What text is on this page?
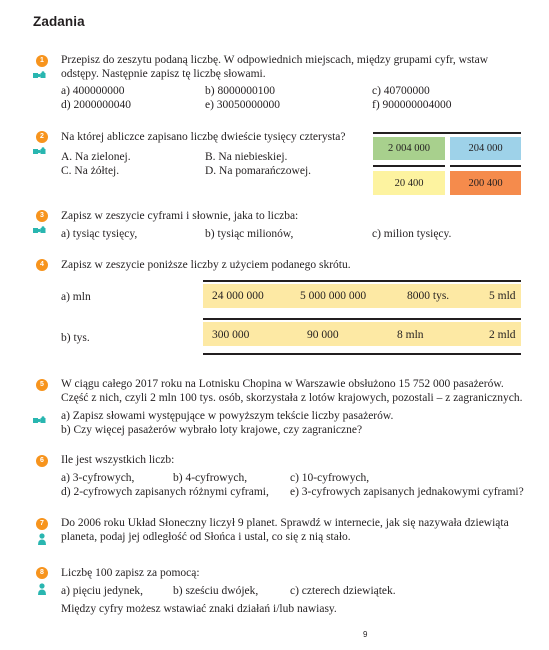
Zadania
1	Przepisz do zeszytu podaną liczbę. W odpowiednich miejscach, między grupami cyfr, wstaw
odstępy. Następnie zapisz tę liczbę słowami.
a) 400000000	b) 8000000100	c) 40700000
d) 2000000040	e) 30050000000	f) 900000004000
2	Na której abliczce zapisano liczbę dwieście tysięcy czterysta?
A. Na zielonej.	B. Na niebieskiej.
C. Na żółtej.	D. Na pomarańczowej.
2 004 000	204 000
20 400	200 400
3	Zapisz w zeszycie cyframi i słownie, jaka to liczba:
a) tysiąc tysięcy,	b) tysiąc milionów,	c) milion tysięcy.
4	Zapisz w zeszycie poniższe liczby z użyciem podanego skrótu.
a) mln	24 000 000	5 000 000 000	8000 tys.	5 mld
b) tys.	300 000	90 000	8 mln	2 mld
5	W ciągu całego 2017 roku na Lotnisku Chopina w Warszawie obsłużono 15 752 000 pasażerów.
Część z nich, czyli 2 mln 100 tys. osób, skorzystała z lotów krajowych, pozostali – z zagranicznych.
a) Zapisz słowami występujące w powyższym tekście liczby pasażerów.
b) Czy więcej pasażerów wybrało loty krajowe, czy zagraniczne?
6	Ile jest wszystkich liczb:
a) 3-cyfrowych,	b) 4-cyfrowych,	c) 10-cyfrowych,
d) 2-cyfrowych zapisanych różnymi cyframi, e) 3-cyfrowych zapisanych jednakowymi cyframi?
7	Do 2006 roku Układ Słoneczny liczył 9 planet. Sprawdź w internecie, jak się nazywała dziewiąta
planeta, podaj jej odległość od Słońca i ustal, co się z nią stało.
8	Liczbę 100 zapisz za pomocą:
a) pięciu jedynek,	b) sześciu dwójek,	c) czterech dziewiątek.
Między cyfry możesz wstawiać znaki działań i/lub nawiasy.
9
